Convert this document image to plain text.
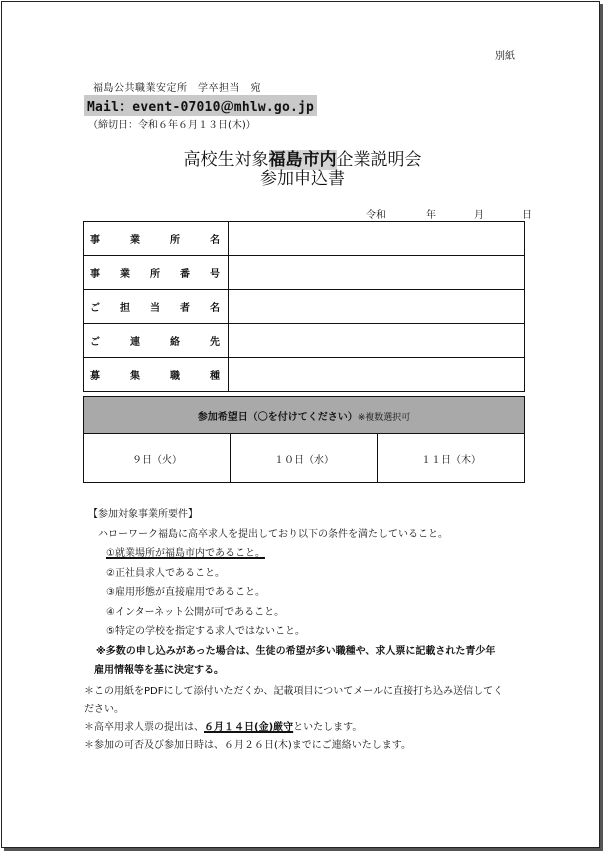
別紙
福島公共職業安定所　学卒担当　宛
Mail：event-07010＠mhlw.go.jp
（締切日：令和６年６月１３日(木)）
高校生対象福島市内企業説明会
参加申込書
令和	年	月	日
事業所名	
事業所番号	
ご担当者名	
ご連絡先	
募集職種	
参加希望日（〇を付けてください）※複数選択可
９日（火）	１０日（水）	１１日（木）
【参加対象事業所要件】
ハローワーク福島に高卒求人を提出しており以下の条件を満たしていること。
①就業場所が福島市内であること。
②正社員求人であること。
③雇用形態が直接雇用であること。
④インターネット公開が可であること。
⑤特定の学校を指定する求人ではないこと。
※多数の申し込みがあった場合は、生徒の希望が多い職種や、求人票に記載された青少年
雇用情報等を基に決定する。
＊この用紙をPDFにして添付いただくか、記載項目についてメールに直接打ち込み送信してく
ださい。
＊高卒用求人票の提出は、６月１４日(金)厳守といたします。
＊参加の可否及び参加日時は、６月２６日(木)までにご連絡いたします。
